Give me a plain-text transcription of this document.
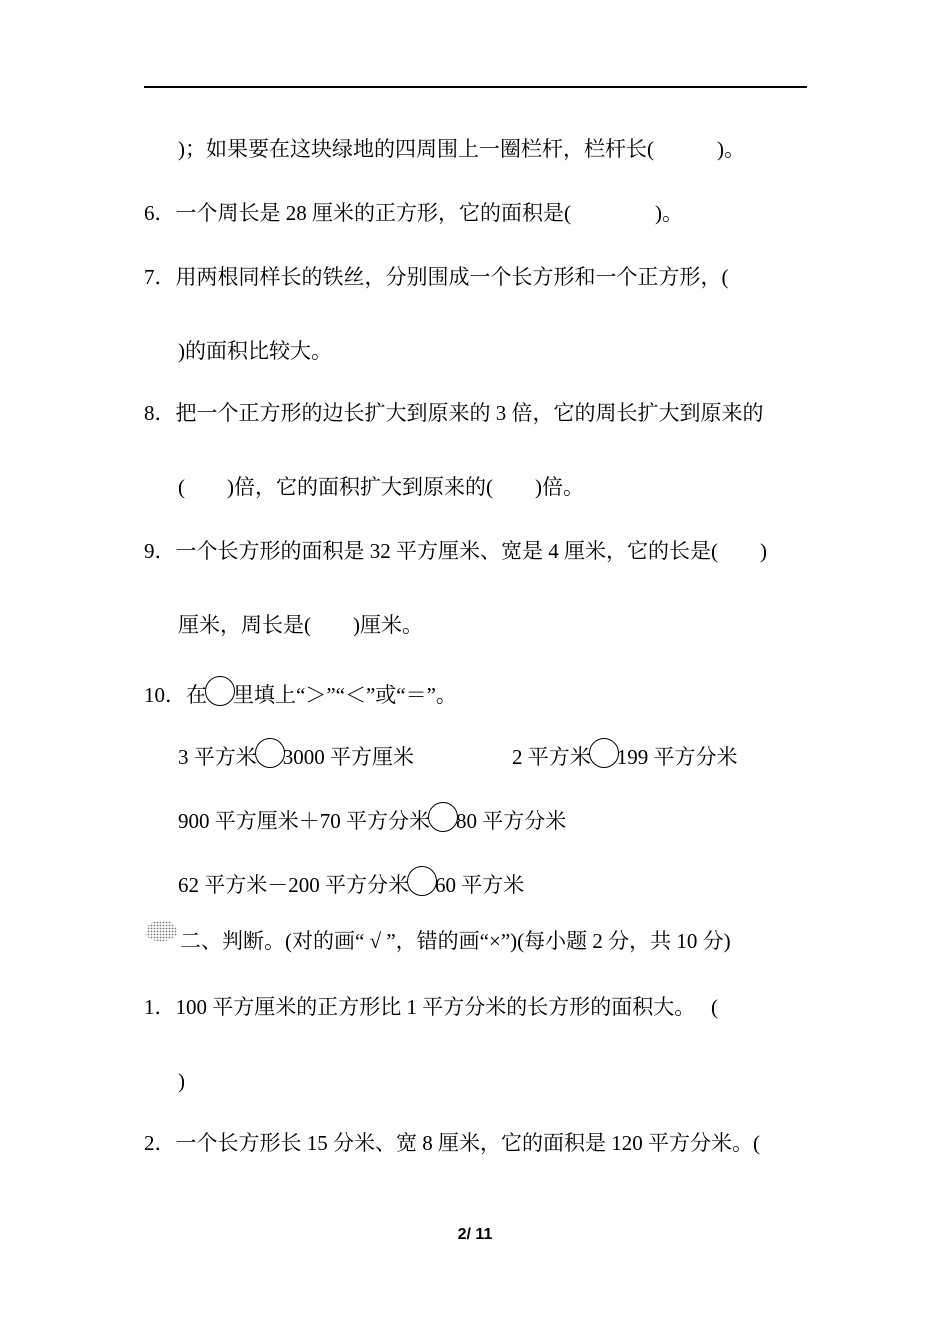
)；如果要在这块绿地的四周围上一圈栏杆，栏杆长(　　　)。
6．一个周长是 28 厘米的正方形，它的面积是(　　　　)。
7．用两根同样长的铁丝，分别围成一个长方形和一个正方形，(
)的面积比较大。
8．把一个正方形的边长扩大到原来的 3 倍，它的周长扩大到原来的
(　　)倍，它的面积扩大到原来的(　　)倍。
9．一个长方形的面积是 32 平方厘米、宽是 4 厘米，它的长是(　　)
厘米，周长是(　　)厘米。
10．在 里填上“＞”“＜”或“＝”。
3 平方米 3000 平方厘米	2 平方米 199 平方分米
900 平方厘米＋70 平方分米 80 平方分米
62 平方米－200 平方分米 60 平方米
二、判断。(对的画“ √ ”，错的画“×”)(每小题 2 分，共 10 分)
1．100 平方厘米的正方形比 1 平方分米的长方形的面积大。　 (
)
2．一个长方形长 15 分米、宽 8 厘米，它的面积是 120 平方分米。(
2/ 11
